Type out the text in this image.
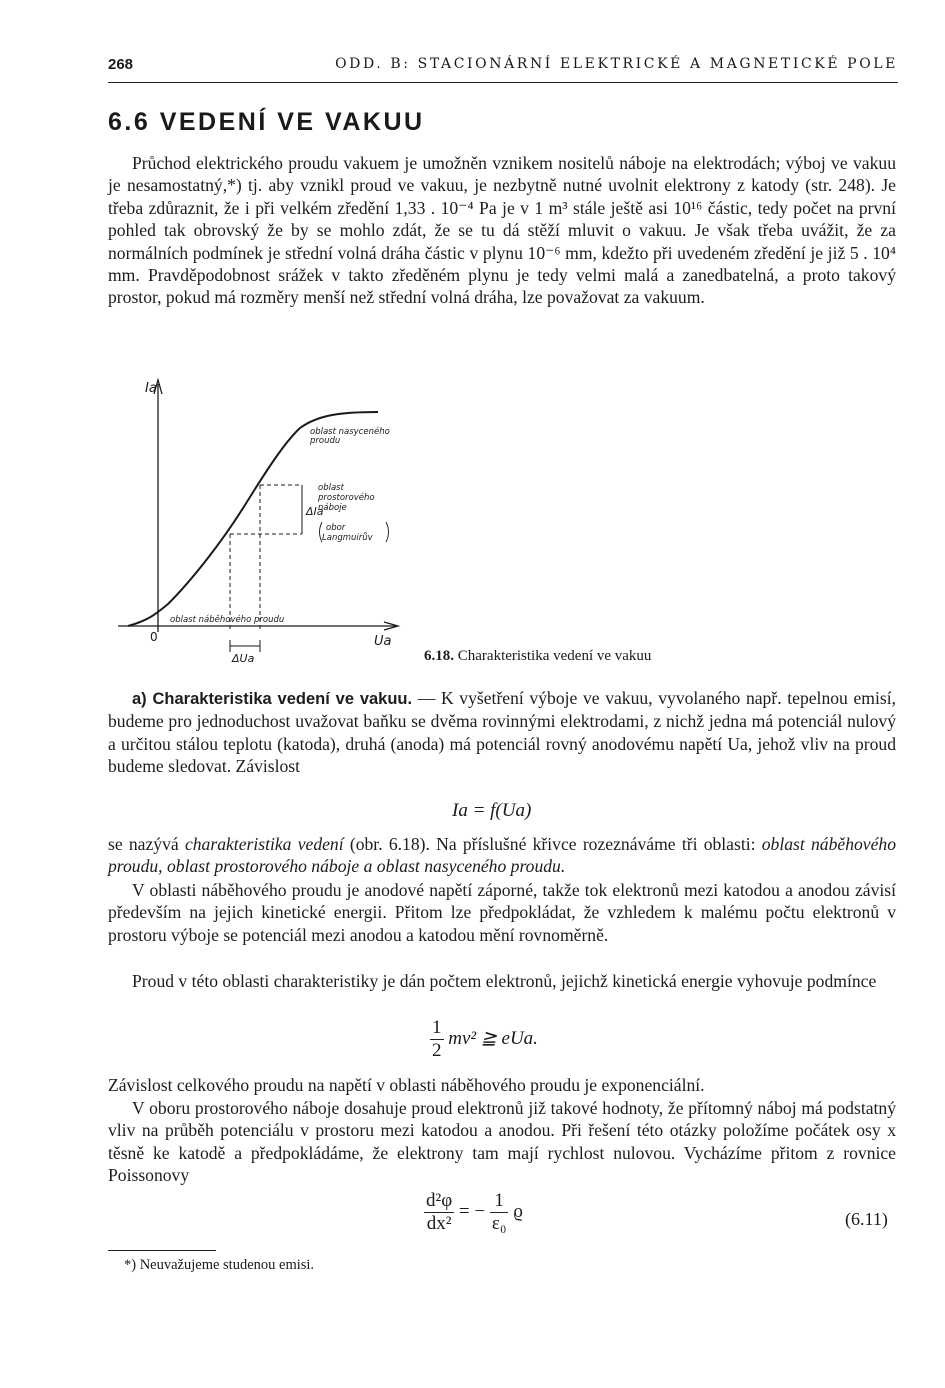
268	ODD. B: STACIONÁRNÍ ELEKTRICKÉ A MAGNETICKÉ POLE
6.6 VEDENÍ VE VAKUU

Průchod elektrického proudu vakuem je umožněn vznikem nositelů náboje na elektrodách; výboj ve vakuu je nesamostatný,*) tj. aby vznikl proud ve vakuu, je nezbytně nutné uvolnit elektrony z katody (str. 248). Je třeba zdůraznit, že i při velkém zředění 1,33 . 10⁻⁴ Pa je v 1 m³ stále ještě asi 10¹⁶ částic, tedy počet na první pohled tak obrovský že by se mohlo zdát, že se tu dá stěží mluvit o vakuu. Je však třeba uvážit, že za normálních podmínek je střední volná dráha částic v plynu 10⁻⁶ mm, kdežto při uvedeném zředění je již 5 . 10⁴ mm. Pravděpodobnost srážek v takto zředěném plynu je tedy velmi malá a zanedbatelná, a proto takový prostor, pokud má rozměry menší než střední volná dráha, lze považovat za vakuum.

Ia
Ua
0
oblast nasyceného
proudu
oblast
prostorového
náboje
obor
Langmuirův
oblast náběhového proudu
ΔIa
ΔUa	6.18. Charakteristika vedení ve vakuu

a) Charakteristika vedení ve vakuu. — K vyšetření výboje ve vakuu, vyvolaného např. tepelnou emisí, budeme pro jednoduchost uvažovat baňku se dvěma rovinnými elektrodami, z nichž jedna má potenciál nulový a určitou stálou teplotu (katoda), druhá (anoda) má potenciál rovný anodovému napětí Ua, jehož vliv na proud budeme sledovat. Závislost

Ia = f(Ua)

se nazývá charakteristika vedení (obr. 6.18). Na příslušné křivce rozeznáváme tři oblasti: oblast náběhového proudu, oblast prostorového náboje a oblast nasyceného proudu.

V oblasti náběhového proudu je anodové napětí záporné, takže tok elektronů mezi katodou a anodou závisí především na jejich kinetické energii. Přitom lze předpokládat, že vzhledem k malému počtu elektronů v prostoru výboje se potenciál mezi anodou a katodou mění rovnoměrně.

Proud v této oblasti charakteristiky je dán počtem elektronů, jejichž kinetická energie vyhovuje podmínce

$\frac{1}{2} mv^2$ ≧ eUa.

Závislost celkového proudu na napětí v oblasti náběhového proudu je exponenciální.

V oboru prostorového náboje dosahuje proud elektronů již takové hodnoty, že přítomný náboj má podstatný vliv na průběh potenciálu v prostoru mezi katodou a anodou. Při řešení této otázky položíme počátek osy x těsně ke katodě a předpokládáme, že elektrony tam mají rychlost nulovou. Vycházíme přitom z rovnice Poissonovy

$\frac{\text{d²φ}}{\text{dx²}}$ = − $\frac{1}{\text{ε₀}}$ ϱ	(6.11)
*) Neuvažujeme studenou emisi.
